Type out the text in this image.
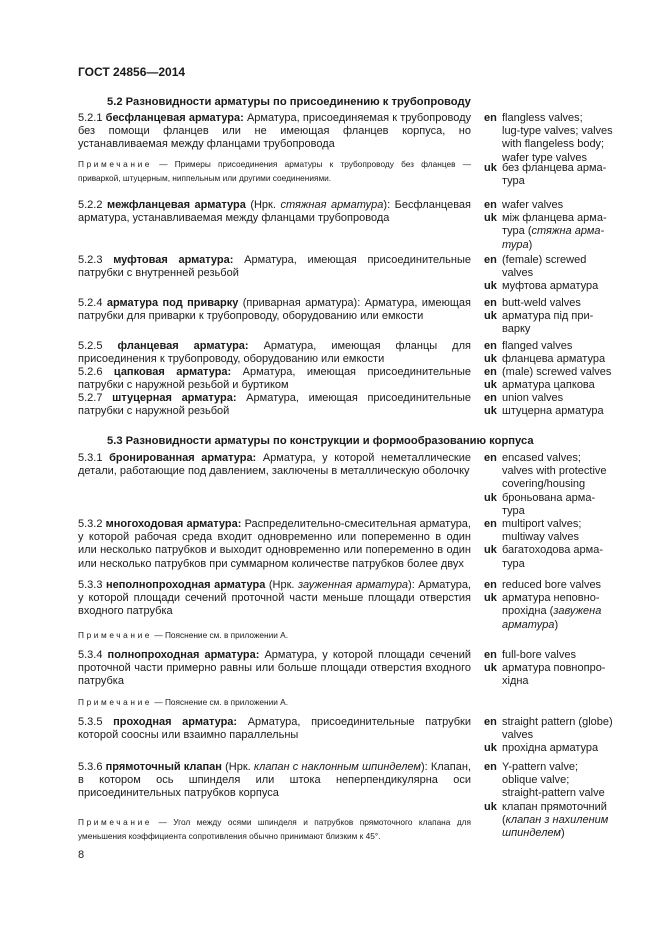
ГОСТ 24856—2014
5.2 Разновидности арматуры по присоединению к трубопроводу
5.3 Разновидности арматуры по конструкции и формообразованию корпуса
5.2.1 бесфланцевая арматура: Арматура, присоединяемая к трубопроводу без помощи фланцев или не имеющая фланцев корпуса, но устанавливаемая между фланцами трубопровода
en flangless valves;
lug-type valves; valves
with flangeless body;
wafer type valves
Примечание — Примеры присоединения арматуры к трубопроводу без фланцев — приваркой, штуцерным, ниппельным или другими соединениями.
uk без фланцева арма-
тура
5.2.2 межфланцевая арматура (Нрк. стяжная арматура): Бесфланцевая арматура, устанавливаемая между фланцами трубопровода
en wafer valves
uk між фланцева арма-
тура (стяжна арма-
тура)
5.2.3 муфтовая арматура: Арматура, имеющая присоединительные патрубки с внутренней резьбой
en (female) screwed
valves
uk муфтова арматура
5.2.4 арматура под приварку (приварная арматура): Арматура, имеющая патрубки для приварки к трубопроводу, оборудованию или емкости
en butt-weld valves
uk арматура під при-
варку
5.2.5 фланцевая арматура: Арматура, имеющая фланцы для присоединения к трубопроводу, оборудованию или емкости
en flanged valves
uk фланцева арматура
5.2.6 цапковая арматура: Арматура, имеющая присоединительные патрубки с наружной резьбой и буртиком
en (male) screwed valves
uk арматура цапкова
5.2.7 штуцерная арматура: Арматура, имеющая присоединительные патрубки с наружной резьбой
en union valves
uk штуцерна арматура
5.3.1 бронированная арматура: Арматура, у которой неметаллические детали, работающие под давлением, заключены в металлическую оболочку
en encased valves;
valves with protective
covering/housing
uk броньована арма-
тура
5.3.2 многоходовая арматура: Распределительно-смесительная арматура, у которой рабочая среда входит одновременно или попеременно в один или несколько патрубков и выходит одновременно или попеременно в один или несколько патрубков при суммарном количестве патрубков более двух
en multiport valves;
multiway valves
uk багатоходова арма-
тура
5.3.3 неполнопроходная арматура (Нрк. зауженная арматура): Арматура, у которой площади сечений проточной части меньше площади отверстия входного патрубка
en reduced bore valves
uk арматура неповно-
прохідна (завужена
арматура)
Примечание — Пояснение см. в приложении А.
5.3.4 полнопроходная арматура: Арматура, у которой площади сечений проточной части примерно равны или больше площади отверстия входного патрубка
en full-bore valves
uk арматура повнопро-
хідна
Примечание — Пояснение см. в приложении А.
5.3.5 проходная арматура: Арматура, присоединительные патрубки которой соосны или взаимно параллельны
en straight pattern (globe)
valves
uk прохідна арматура
5.3.6 прямоточный клапан (Нрк. клапан с наклонным шпинделем): Клапан, в котором ось шпинделя или штока неперпендикулярна оси присоединительных патрубков корпуса
en Y-pattern valve;
oblique valve;
straight-pattern valve
uk клапан прямоточний
(клапан з нахиленим
шпинделем)
Примечание — Угол между осями шпинделя и патрубков прямоточного клапана для уменьшения коэффициента сопротивления обычно принимают близким к 45°.
8
